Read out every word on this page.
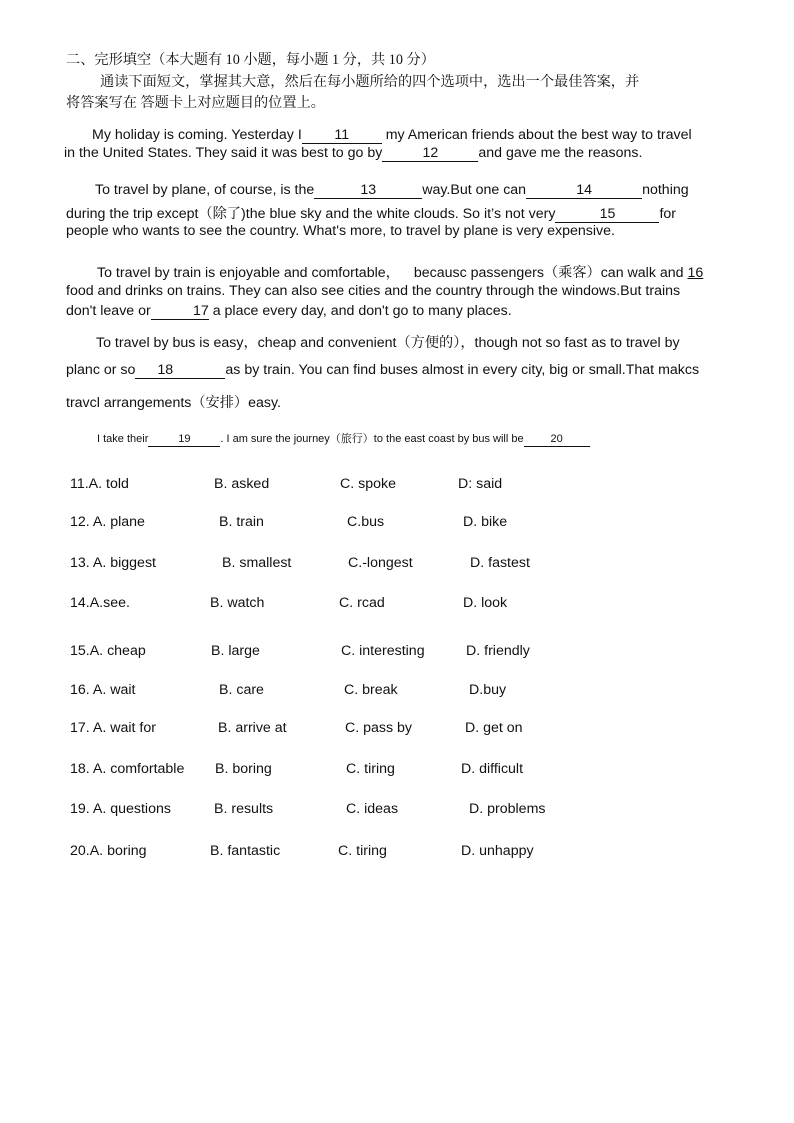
二、完形填空（本大题有 10 小题，每小题 1 分，共 10 分）
通读下面短文，掌握其大意，然后在每小题所给的四个选项中，选出一个最佳答案，并
将答案写在 答题卡上对应题目的位置上。
My holiday is coming. Yesterday I 11 my American friends about the best way to travel
in the United States. They said it was best to go by	12	and gave me the reasons.
To travel by plane, of course, is the	13	way.But one can	14	nothing
during the trip except（除了)the blue sky and the white clouds. So it’s not very	15	for
people who wants to see the country. What's more, to travel by plane is very expensive.
To travel by train is enjoyable and comfortable， becausc passengers（乘客）can walk and 16
food and drinks on trains. They can also see cities and the country through the windows.But trains
don't leave or	17 a place every day, and don't go to many places.
To travel by bus is easy，cheap and convenient（方便的），though not so fast as to travel by
planc or so 18	as by train. You can find buses almost in every city, big or small.That makcs
travcl arrangements（安排）easy.
I take their	19	. I am sure the journey（旅行）to the east coast by bus will be 20
11.A. told	B. asked	C. spoke	D: said
12. A. plane	B. train	C.bus	D. bike
13. A. biggest	B. smallest	C.-longest	D. fastest
14.A.see.	B. watch	C. rcad	D. look
15.A. cheap	B. large	C. interesting	D. friendly
16. A. wait	B. care	C. break	D.buy
17. A. wait for	B. arrive at	C. pass by	D. get on
18. A. comfortable B. boring	C. tiring	D. difficult
19. A. questions	B. results	C. ideas	D. problems
20.A. boring	B. fantastic	C. tiring	D. unhappy
